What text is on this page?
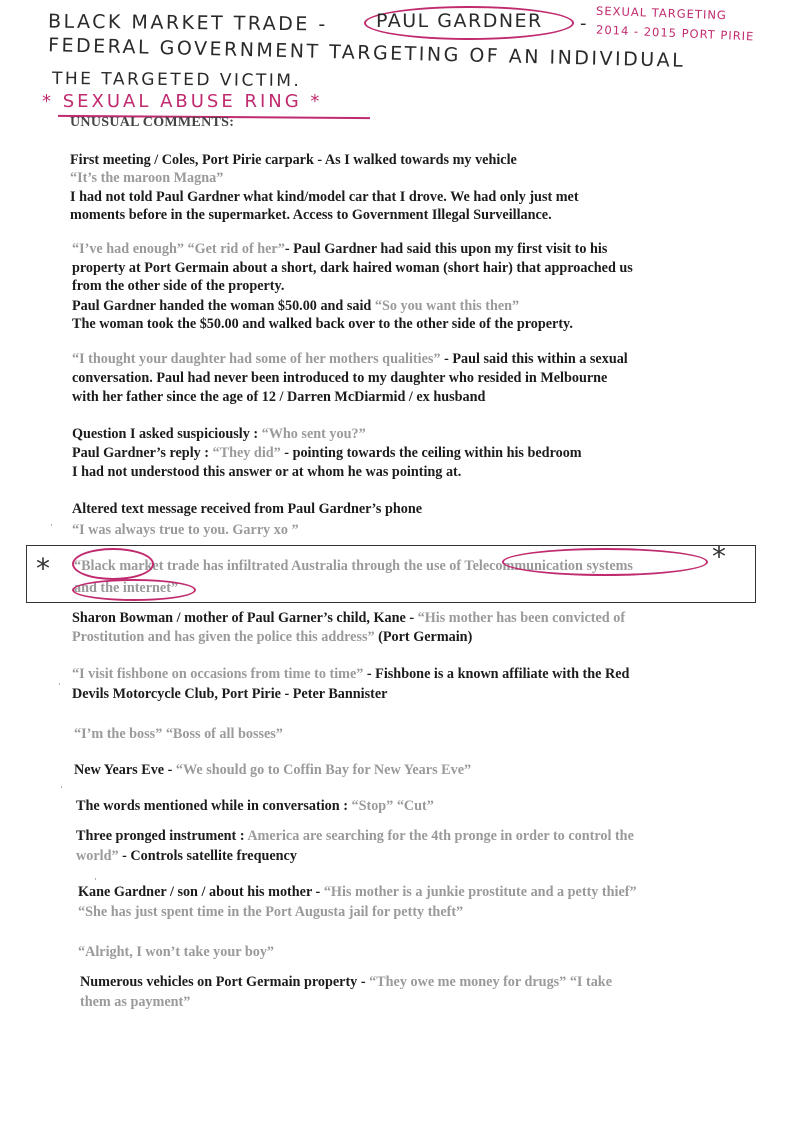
BLACK MARKET TRADE -	PAUL GARDNER - SEXUAL TARGETING

2014 - 2015 PORT PIRIE

FEDERAL GOVERNMENT TARGETING OF AN INDIVIDUAL

THE TARGETED VICTIM.

* SEXUAL ABUSE RING *

UNUSUAL COMMENTS:

First meeting / Coles, Port Pirie carpark - As I walked towards my vehicle

“It’s the maroon Magna”

I had not told Paul Gardner what kind/model car that I drove. We had only just met

moments before in the supermarket. Access to Government Illegal Surveillance.

“I’ve had enough” “Get rid of her”- Paul Gardner had said this upon my first visit to his

property at Port Germain about a short, dark haired woman (short hair) that approached us

from the other side of the property.

Paul Gardner handed the woman $50.00 and said “So you want this then”

The woman took the $50.00 and walked back over to the other side of the property.

“I thought your daughter had some of her mothers qualities” - Paul said this within a sexual

conversation. Paul had never been introduced to my daughter who resided in Melbourne

with her father since the age of 12 / Darren McDiarmid / ex husband

Question I asked suspiciously : “Who sent you?”

Paul Gardner’s reply : “They did” - pointing towards the ceiling within his bedroom

I had not understood this answer or at whom he was pointing at.

Altered text message received from Paul Gardner’s phone

“I was always true to you. Garry xo ”

“Black market trade has infiltrated Australia through the use of Telecommunication systems

and the internet”

Sharon Bowman / mother of Paul Garner’s child, Kane - “His mother has been convicted of

Prostitution and has given the police this address” (Port Germain)

“I visit fishbone on occasions from time to time” - Fishbone is a known affiliate with the Red

Devils Motorcycle Club, Port Pirie - Peter Bannister

“I’m the boss” “Boss of all bosses”

New Years Eve - “We should go to Coffin Bay for New Years Eve”

The words mentioned while in conversation : “Stop” “Cut”

Three pronged instrument : America are searching for the 4th pronge in order to control the

world” - Controls satellite frequency

Kane Gardner / son / about his mother - “His mother is a junkie prostitute and a petty thief”

“She has just spent time in the Port Augusta jail for petty theft”

“Alright, I won’t take your boy”

Numerous vehicles on Port Germain property - “They owe me money for drugs” “I take

them as payment”

*	*
·
·
·
·
